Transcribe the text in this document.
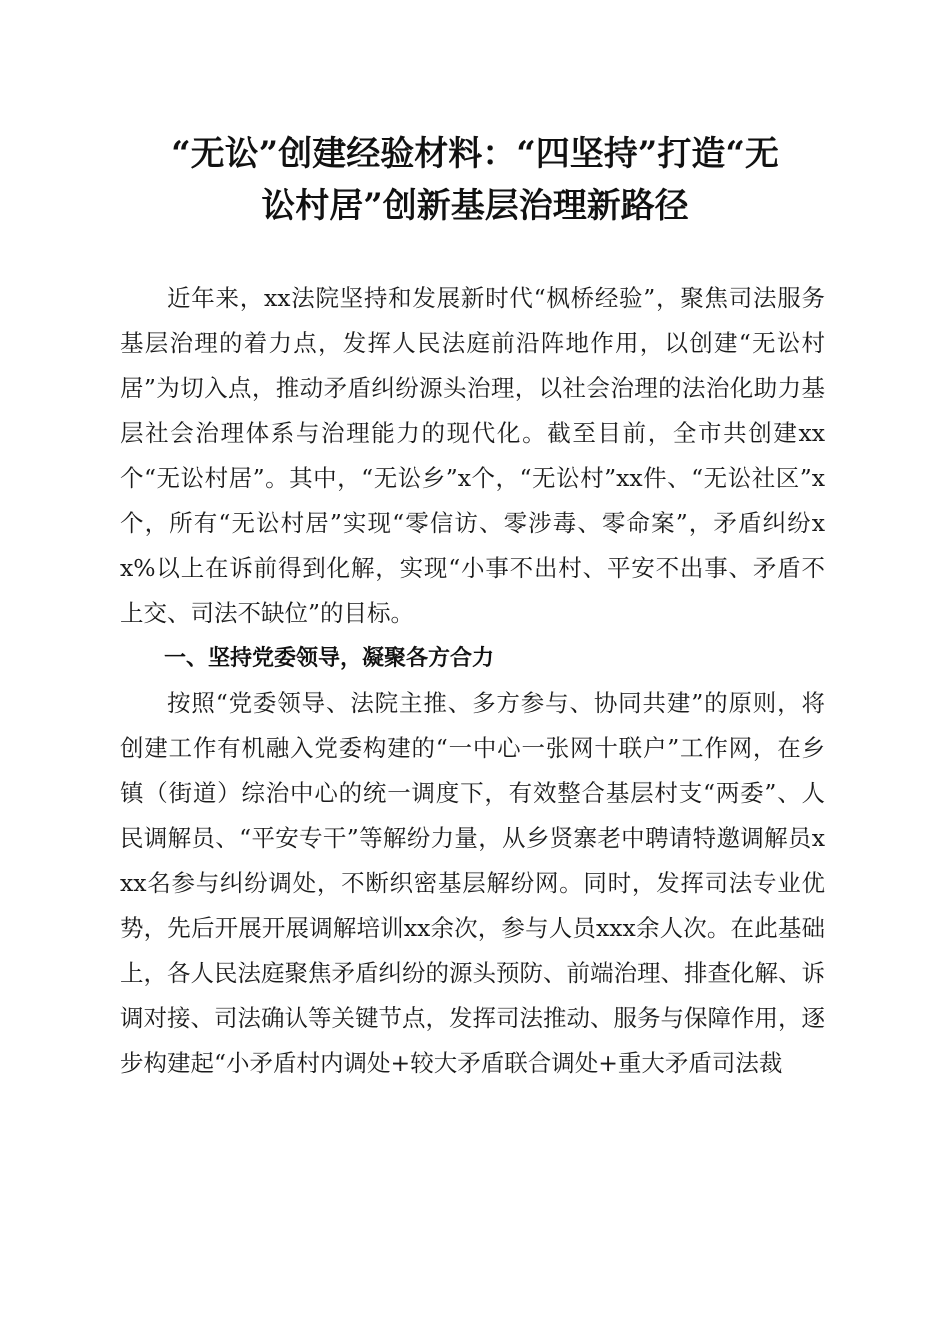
“无讼”创建经验材料：“四坚持”打造“无
讼村居”创新基层治理新路径

近年来，xx法院坚持和发展新时代“枫桥经验”，聚焦司法服务基层治理的着力点，发挥人民法庭前沿阵地作用，以创建“无讼村居”为切入点，推动矛盾纠纷源头治理，以社会治理的法治化助力基层社会治理体系与治理能力的现代化。截至目前，全市共创建xx个“无讼村居”。其中，“无讼乡”x个，“无讼村”xx件、“无讼社区”x个，所有“无讼村居”实现“零信访、零涉毒、零命案”，矛盾纠纷xx%以上在诉前得到化解，实现“小事不出村、平安不出事、矛盾不上交、司法不缺位”的目标。

一、坚持党委领导，凝聚各方合力

按照“党委领导、法院主推、多方参与、协同共建”的原则，将创建工作有机融入党委构建的“一中心一张网十联户”工作网，在乡镇（街道）综治中心的统一调度下，有效整合基层村支“两委”、人民调解员、“平安专干”等解纷力量，从乡贤寨老中聘请特邀调解员xxx名参与纠纷调处，不断织密基层解纷网。同时，发挥司法专业优势，先后开展开展调解培训xx余次，参与人员xxx余人次。在此基础上，各人民法庭聚焦矛盾纠纷的源头预防、前端治理、排查化解、诉调对接、司法确认等关键节点，发挥司法推动、服务与保障作用，逐步构建起“小矛盾村内调处+较大矛盾联合调处+重大矛盾司法裁
